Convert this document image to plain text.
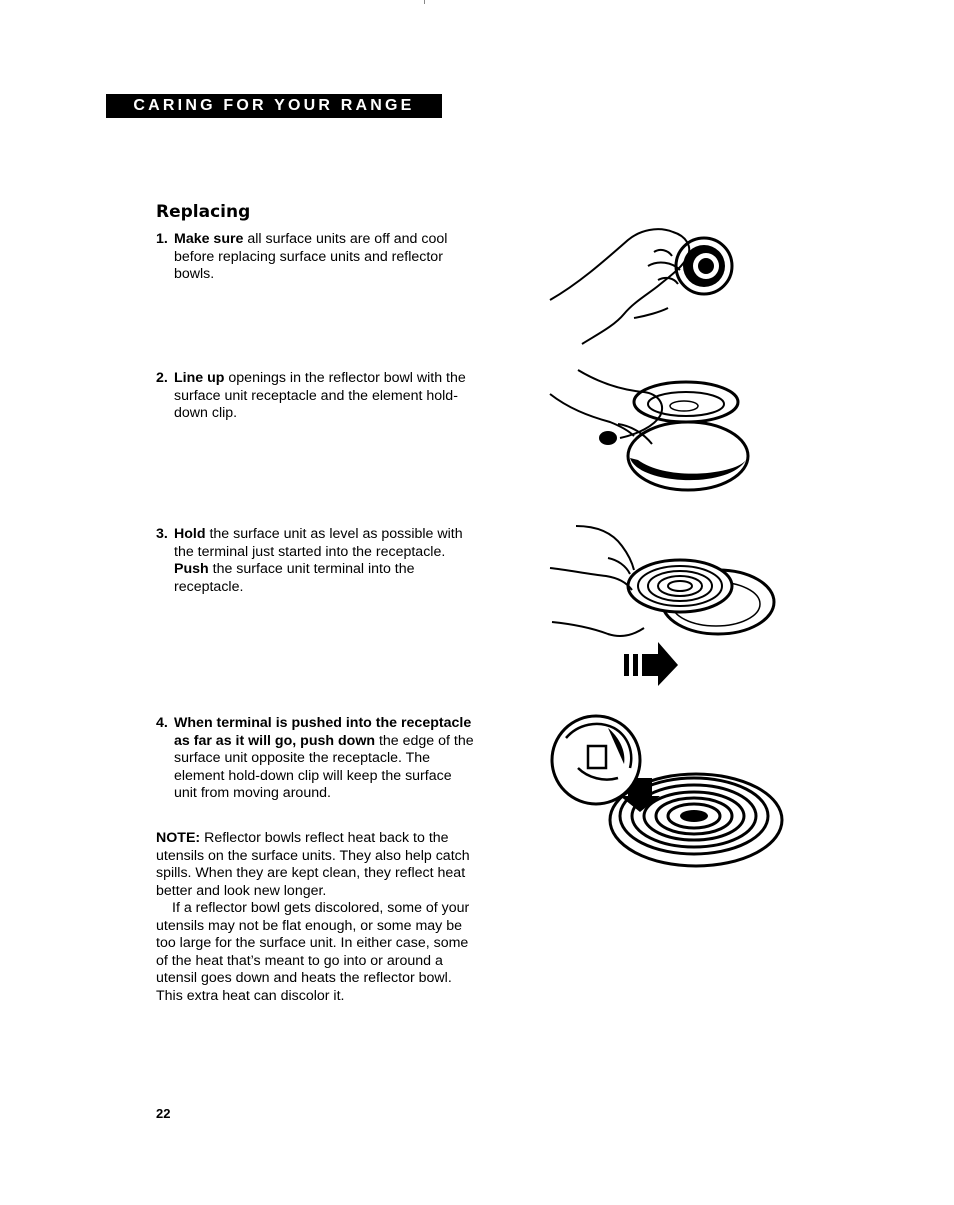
CARING FOR YOUR RANGE
Replacing
1. Make sure all surface units are off and cool before replacing surface units and reflector bowls.
2. Line up openings in the reflector bowl with the surface unit receptacle and the element hold-down clip.
3. Hold the surface unit as level as possible with the terminal just started into the receptacle. Push the surface unit terminal into the receptacle.
4. When terminal is pushed into the receptacle as far as it will go, push down the edge of the surface unit opposite the receptacle. The element hold-down clip will keep the surface unit from moving around.

NOTE: Reflector bowls reflect heat back to the utensils on the surface units. They also help catch spills. When they are kept clean, they reflect heat better and look new longer.

If a reflector bowl gets discolored, some of your utensils may not be flat enough, or some may be too large for the surface unit. In either case, some of the heat that’s meant to go into or around a utensil goes down and heats the reflector bowl. This extra heat can discolor it.

22
